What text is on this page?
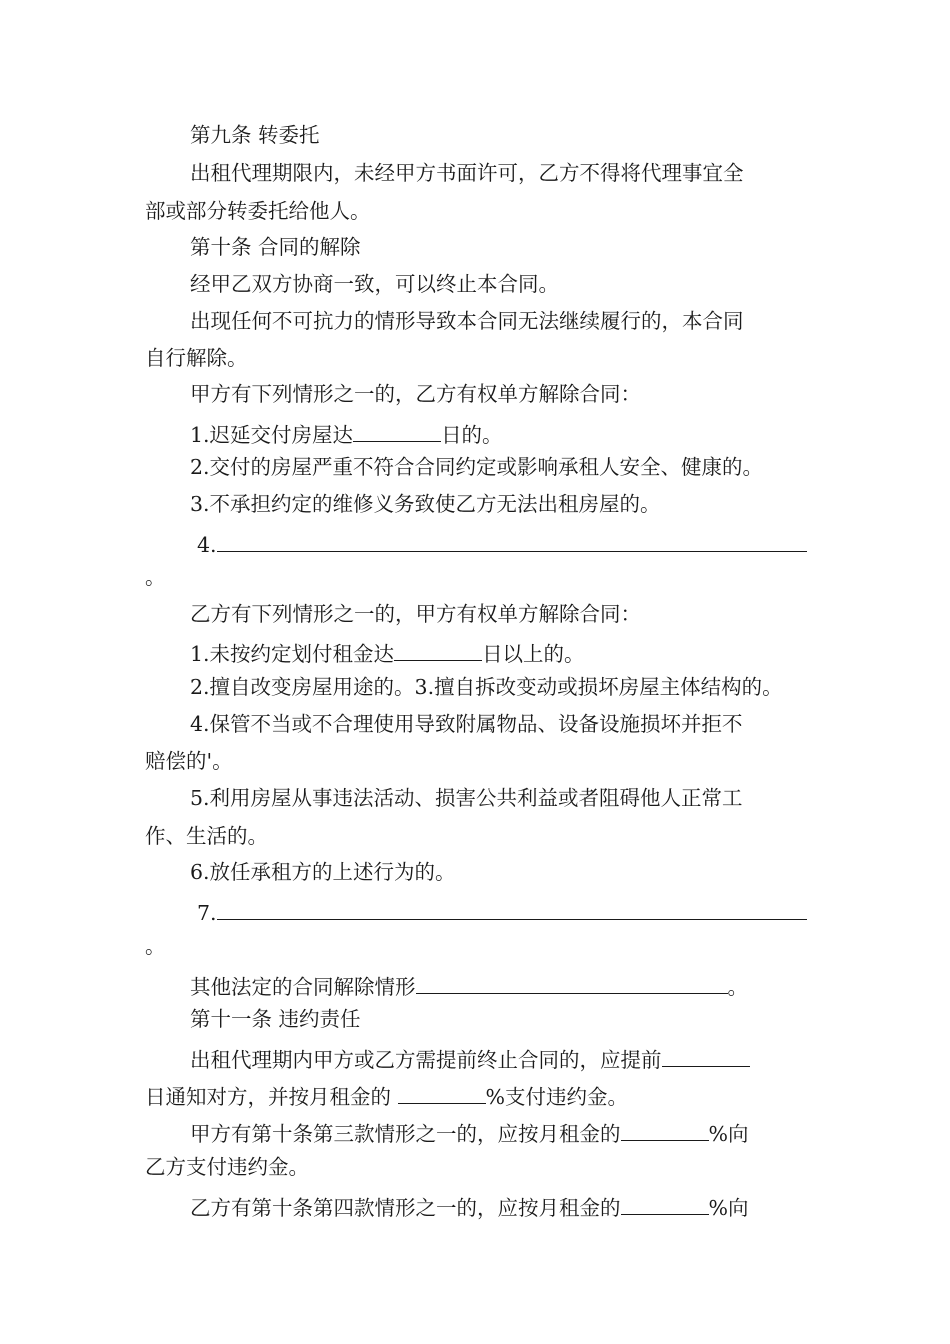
第九条 转委托
出租代理期限内，未经甲方书面许可，乙方不得将代理事宜全
部或部分转委托给他人。
第十条 合同的解除
经甲乙双方协商一致，可以终止本合同。
出现任何不可抗力的情形导致本合同无法继续履行的，本合同
自行解除。
甲方有下列情形之一的，乙方有权单方解除合同：
1.迟延交付房屋达	日的。
2.交付的房屋严重不符合合同约定或影响承租人安全、健康的。
3.不承担约定的维修义务致使乙方无法出租房屋的。
4.
。
乙方有下列情形之一的，甲方有权单方解除合同：
1.未按约定划付租金达	日以上的。
2.擅自改变房屋用途的。3.擅自拆改变动或损坏房屋主体结构的。
4.保管不当或不合理使用导致附属物品、设备设施损坏并拒不
赔偿的'。
5.利用房屋从事违法活动、损害公共利益或者阻碍他人正常工
作、生活的。
6.放任承租方的上述行为的。
7.
。
其他法定的合同解除情形	。
第十一条 违约责任
出租代理期内甲方或乙方需提前终止合同的，应提前
日通知对方，并按月租金的	%支付违约金。
甲方有第十条第三款情形之一的，应按月租金的	%向
乙方支付违约金。
乙方有第十条第四款情形之一的，应按月租金的	%向
